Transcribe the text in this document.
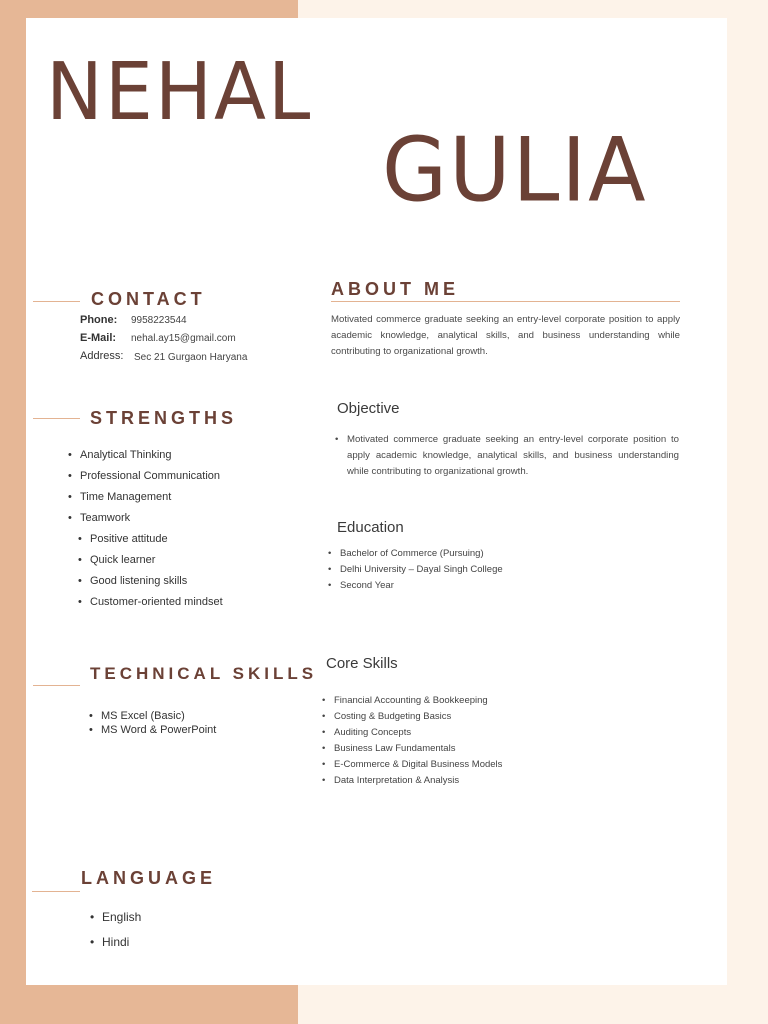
NEHAL
GULIA
CONTACT
Phone: 9958223544
E-Mail: nehal.ay15@gmail.com
Address: Sec 21 Gurgaon Haryana
STRENGTHS
• Analytical Thinking
• Professional Communication
• Time Management
• Teamwork
• Positive attitude
• Quick learner
• Good listening skills
• Customer-oriented mindset
TECHNICAL SKILLS
• MS Excel (Basic)
• MS Word & PowerPoint
LANGUAGE
• English
• Hindi
ABOUT ME
Motivated commerce graduate seeking an entry-level corporate position to apply academic knowledge, analytical skills, and business understanding while contributing to organizational growth.
Objective
• Motivated commerce graduate seeking an entry-level corporate position to apply academic knowledge, analytical skills, and business understanding while contributing to organizational growth.
Education
• Bachelor of Commerce (Pursuing)
• Delhi University – Dayal Singh College
• Second Year
Core Skills
• Financial Accounting & Bookkeeping
• Costing & Budgeting Basics
• Auditing Concepts
• Business Law Fundamentals
• E-Commerce & Digital Business Models
• Data Interpretation & Analysis
